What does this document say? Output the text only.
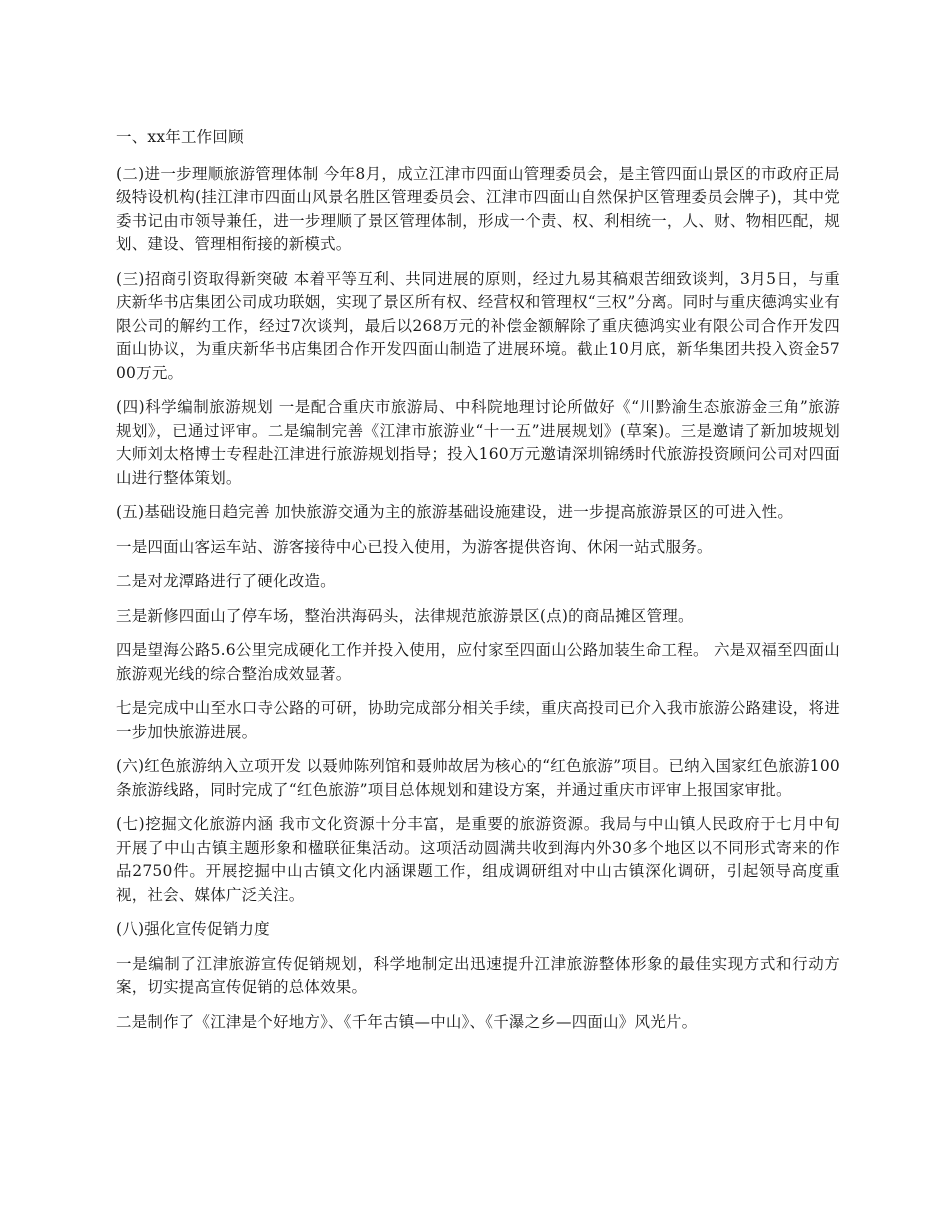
一、xx年工作回顾

(二)进一步理顺旅游管理体制 今年8月，成立江津市四面山管理委员会，是主管四面山景区的市政府正局级特设机构(挂江津市四面山风景名胜区管理委员会、江津市四面山自然保护区管理委员会牌子)，其中党委书记由市领导兼任，进一步理顺了景区管理体制，形成一个责、权、利相统一，人、财、物相匹配，规划、建设、管理相衔接的新模式。

(三)招商引资取得新突破 本着平等互利、共同进展的原则，经过九易其稿艰苦细致谈判，3月5日，与重庆新华书店集团公司成功联姻，实现了景区所有权、经营权和管理权“三权”分离。同时与重庆德鸿实业有限公司的解约工作，经过7次谈判，最后以268万元的补偿金额解除了重庆德鸿实业有限公司合作开发四面山协议，为重庆新华书店集团合作开发四面山制造了进展环境。截止10月底，新华集团共投入资金5700万元。

(四)科学编制旅游规划 一是配合重庆市旅游局、中科院地理讨论所做好《“川黔渝生态旅游金三角”旅游规划》，已通过评审。二是编制完善《江津市旅游业“十一五”进展规划》(草案)。三是邀请了新加坡规划大师刘太格博士专程赴江津进行旅游规划指导；投入160万元邀请深圳锦绣时代旅游投资顾问公司对四面山进行整体策划。

(五)基础设施日趋完善 加快旅游交通为主的旅游基础设施建设，进一步提高旅游景区的可进入性。

一是四面山客运车站、游客接待中心已投入使用，为游客提供咨询、休闲一站式服务。

二是对龙潭路进行了硬化改造。

三是新修四面山了停车场，整治洪海码头，法律规范旅游景区(点)的商品摊区管理。

四是望海公路5.6公里完成硬化工作并投入使用，应付家至四面山公路加装生命工程。 六是双福至四面山旅游观光线的综合整治成效显著。

七是完成中山至水口寺公路的可研，协助完成部分相关手续，重庆高投司已介入我市旅游公路建设，将进一步加快旅游进展。

(六)红色旅游纳入立项开发 以聂帅陈列馆和聂帅故居为核心的“红色旅游”项目。已纳入国家红色旅游100条旅游线路，同时完成了“红色旅游”项目总体规划和建设方案，并通过重庆市评审上报国家审批。

(七)挖掘文化旅游内涵 我市文化资源十分丰富，是重要的旅游资源。我局与中山镇人民政府于七月中旬开展了中山古镇主题形象和楹联征集活动。这项活动圆满共收到海内外30多个地区以不同形式寄来的作品2750件。开展挖掘中山古镇文化内涵课题工作，组成调研组对中山古镇深化调研，引起领导高度重视，社会、媒体广泛关注。

(八)强化宣传促销力度

一是编制了江津旅游宣传促销规划，科学地制定出迅速提升江津旅游整体形象的最佳实现方式和行动方案，切实提高宣传促销的总体效果。

二是制作了《江津是个好地方》、《千年古镇—中山》、《千瀑之乡—四面山》风光片。
